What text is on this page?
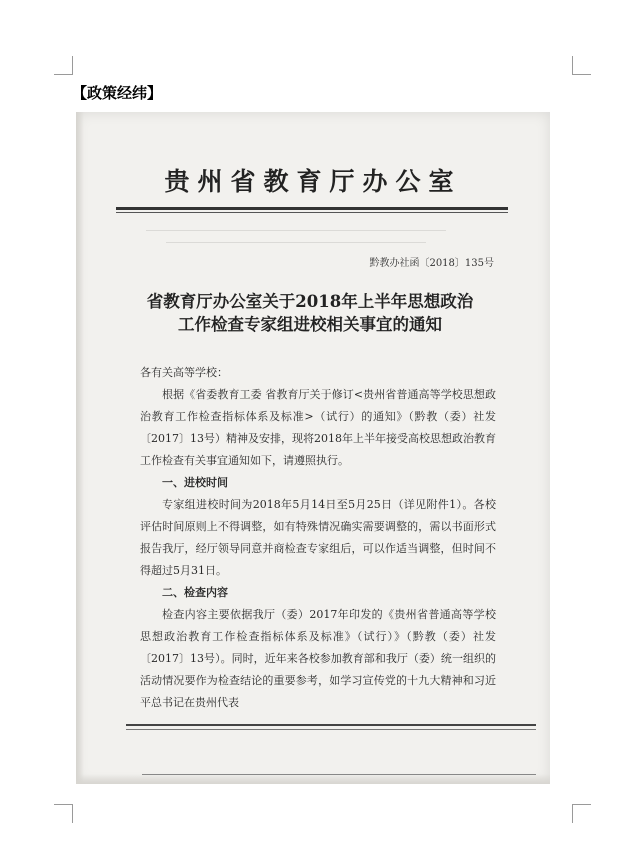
【政策经纬】
贵州省教育厅办公室
黔教办社函〔2018〕135号
省教育厅办公室关于2018年上半年思想政治
工作检查专家组进校相关事宜的通知

各有关高等学校：

根据《省委教育工委 省教育厅关于修订<贵州省普通高等学校思想政治教育工作检查指标体系及标准>（试行）的通知》（黔教（委）社发〔2017〕13号）精神及安排，现将2018年上半年接受高校思想政治教育工作检查有关事宜通知如下，请遵照执行。

一、进校时间

专家组进校时间为2018年5月14日至5月25日（详见附件1）。各校评估时间原则上不得调整，如有特殊情况确实需要调整的，需以书面形式报告我厅，经厅领导同意并商检查专家组后，可以作适当调整，但时间不得超过5月31日。

二、检查内容

检查内容主要依据我厅（委）2017年印发的《贵州省普通高等学校思想政治教育工作检查指标体系及标准》（试行）》（黔教（委）社发〔2017〕13号）。同时，近年来各校参加教育部和我厅（委）统一组织的活动情况要作为检查结论的重要参考，如学习宣传党的十九大精神和习近平总书记在贵州代表
